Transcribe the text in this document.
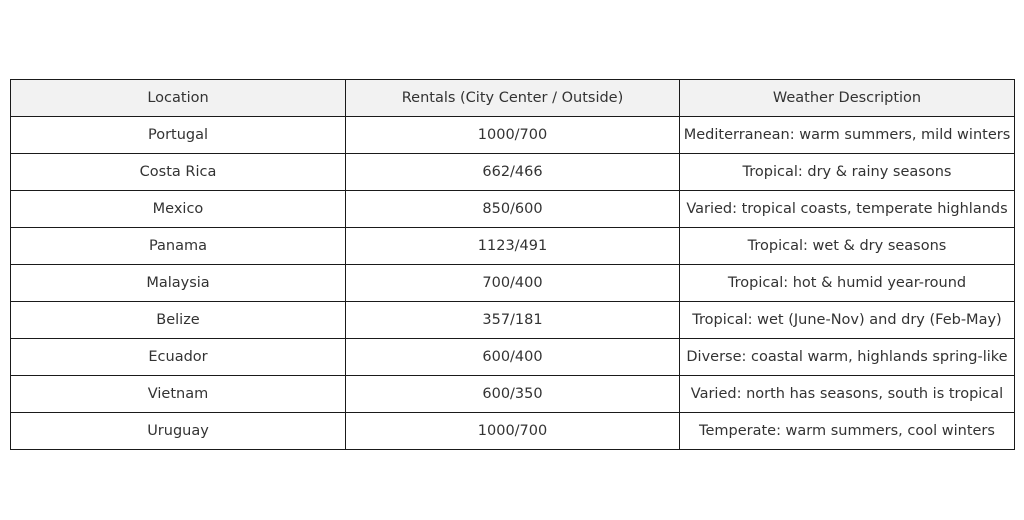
Location	Rentals (City Center / Outside)	Weather Description
Portugal	1000/700	Mediterranean: warm summers, mild winters
Costa Rica	662/466	Tropical: dry & rainy seasons
Mexico	850/600	Varied: tropical coasts, temperate highlands
Panama	1123/491	Tropical: wet & dry seasons
Malaysia	700/400	Tropical: hot & humid year-round
Belize	357/181	Tropical: wet (June-Nov) and dry (Feb-May)
Ecuador	600/400	Diverse: coastal warm, highlands spring-like
Vietnam	600/350	Varied: north has seasons, south is tropical
Uruguay	1000/700	Temperate: warm summers, cool winters
